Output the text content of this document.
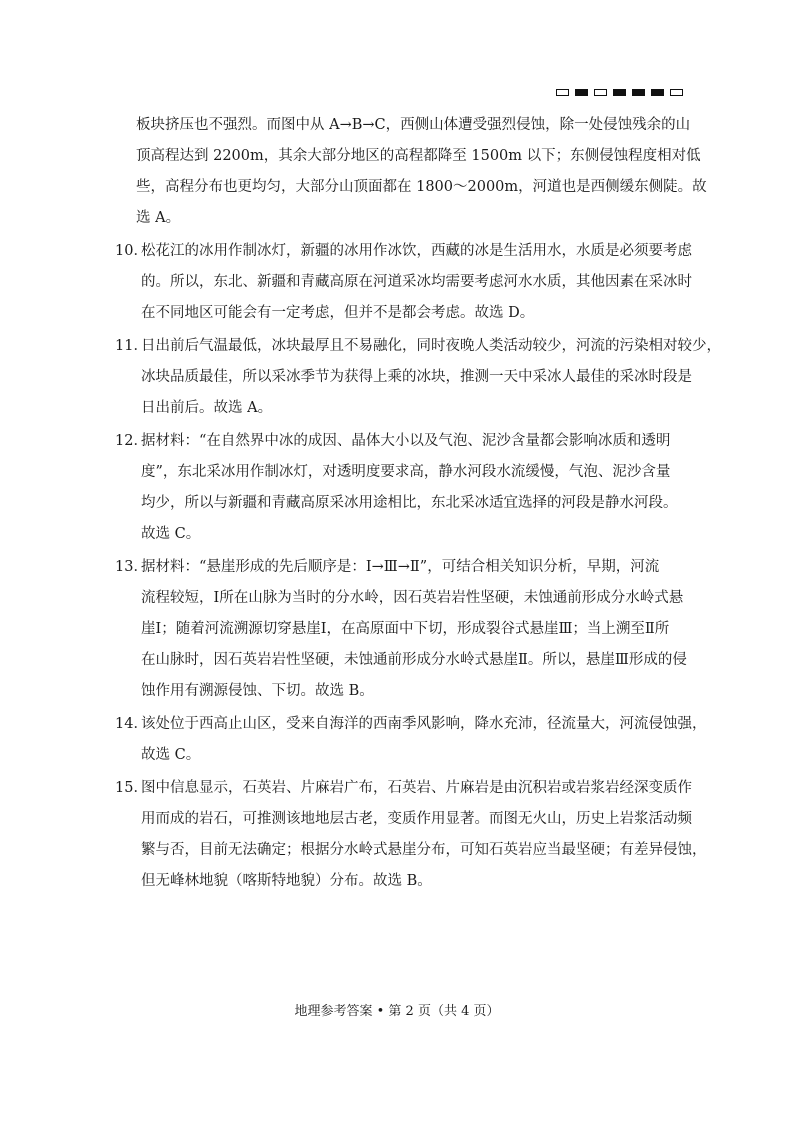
板块挤压也不强烈。而图中从 A→B→C，西侧山体遭受强烈侵蚀，除一处侵蚀残余的山
顶高程达到 2200m，其余大部分地区的高程都降至 1500m 以下；东侧侵蚀程度相对低
些，高程分布也更均匀，大部分山顶面都在 1800～2000m，河道也是西侧缓东侧陡。故
选 A。
10．
松花江的冰用作制冰灯，新疆的冰用作冰饮，西藏的冰是生活用水，水质是必须要考虑
的。所以，东北、新疆和青藏高原在河道采冰均需要考虑河水水质，其他因素在采冰时
在不同地区可能会有一定考虑，但并不是都会考虑。故选 D。
11．
日出前后气温最低，冰块最厚且不易融化，同时夜晚人类活动较少，河流的污染相对较少，
冰块品质最佳，所以采冰季节为获得上乘的冰块，推测一天中采冰人最佳的采冰时段是
日出前后。故选 A。
12．
据材料：“在自然界中冰的成因、晶体大小以及气泡、泥沙含量都会影响冰质和透明
度”，东北采冰用作制冰灯，对透明度要求高，静水河段水流缓慢，气泡、泥沙含量
均少，所以与新疆和青藏高原采冰用途相比，东北采冰适宜选择的河段是静水河段。
故选 C。
13．
据材料：“悬崖形成的先后顺序是：Ⅰ→Ⅲ→Ⅱ”，可结合相关知识分析，早期，河流
流程较短，Ⅰ所在山脉为当时的分水岭，因石英岩岩性坚硬，未蚀通前形成分水岭式悬
崖Ⅰ；随着河流溯源切穿悬崖Ⅰ，在高原面中下切，形成裂谷式悬崖Ⅲ；当上溯至Ⅱ所
在山脉时，因石英岩岩性坚硬，未蚀通前形成分水岭式悬崖Ⅱ。所以，悬崖Ⅲ形成的侵
蚀作用有溯源侵蚀、下切。故选 B。
14．
该处位于西高止山区，受来自海洋的西南季风影响，降水充沛，径流量大，河流侵蚀强，
故选 C。
15．
图中信息显示，石英岩、片麻岩广布，石英岩、片麻岩是由沉积岩或岩浆岩经深变质作
用而成的岩石，可推测该地地层古老，变质作用显著。而图无火山，历史上岩浆活动频
繁与否，目前无法确定；根据分水岭式悬崖分布，可知石英岩应当最坚硬；有差异侵蚀，
但无峰林地貌（喀斯特地貌）分布。故选 B。
地理参考答案 • 第 2 页（共 4 页）
